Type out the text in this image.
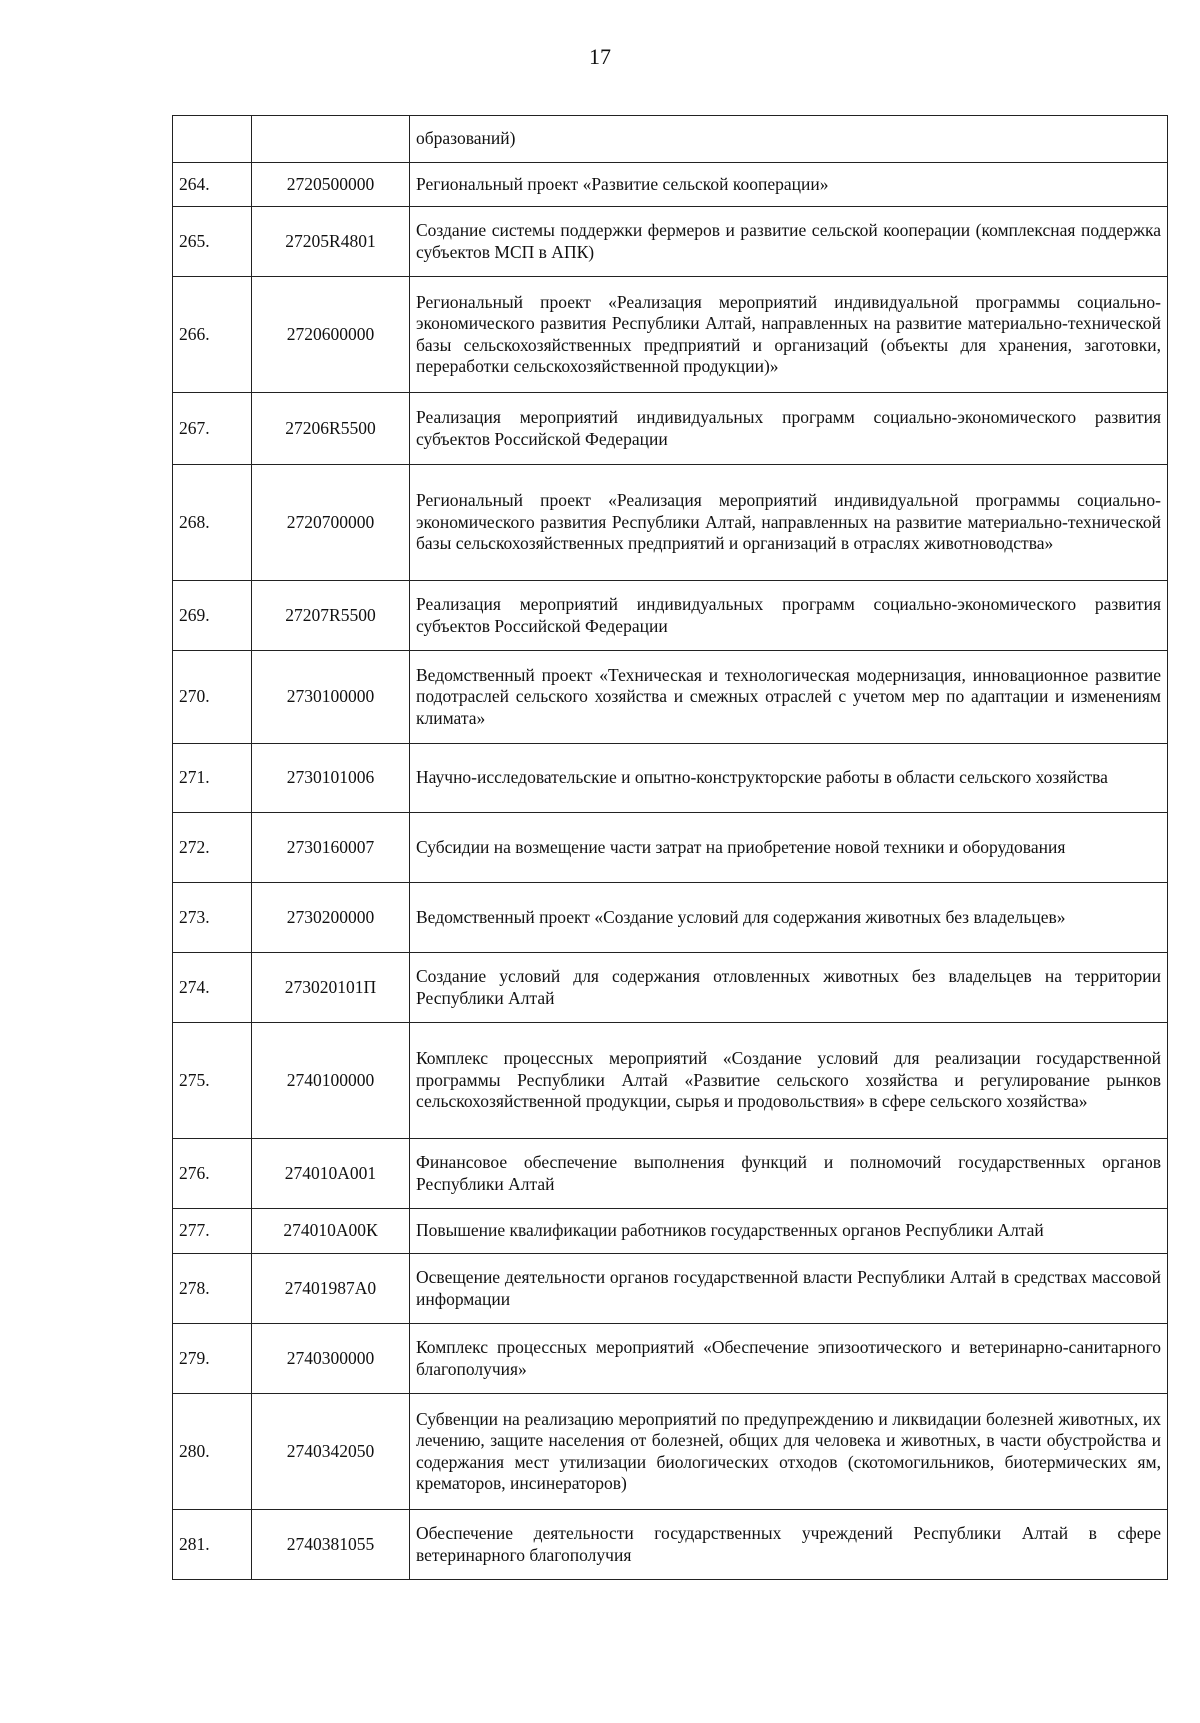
17
		образований)
264.	2720500000	Региональный проект «Развитие сельской кооперации»
265.	27205R4801	Создание системы поддержки фермеров и развитие сельской кооперации (комплексная поддержка субъектов МСП в АПК)
266.	2720600000	Региональный проект «Реализация мероприятий индивидуальной программы социально-экономического развития Республики Алтай, направленных на развитие материально-технической базы сельскохозяйственных предприятий и организаций (объекты для хранения, заготовки, переработки сельскохозяйственной продукции)»
267.	27206R5500	Реализация мероприятий индивидуальных программ социально-экономического развития субъектов Российской Федерации
268.	2720700000	Региональный проект «Реализация мероприятий индивидуальной программы социально-экономического развития Республики Алтай, направленных на развитие материально-технической базы сельскохозяйственных предприятий и организаций в отраслях животноводства»
269.	27207R5500	Реализация мероприятий индивидуальных программ социально-экономического развития субъектов Российской Федерации
270.	2730100000	Ведомственный проект «Техническая и технологическая модернизация, инновационное развитие подотраслей сельского хозяйства и смежных отраслей с учетом мер по адаптации и изменениям климата»
271.	2730101006	Научно-исследовательские и опытно-конструкторские работы в области сельского хозяйства
272.	2730160007	Субсидии на возмещение части затрат на приобретение новой техники и оборудования
273.	2730200000	Ведомственный проект «Создание условий для содержания животных без владельцев»
274.	273020101П	Создание условий для содержания отловленных животных без владельцев на территории Республики Алтай
275.	2740100000	Комплекс процессных мероприятий «Создание условий для реализации государственной программы Республики Алтай «Развитие сельского хозяйства и регулирование рынков сельскохозяйственной продукции, сырья и продовольствия» в сфере сельского хозяйства»
276.	274010А001	Финансовое обеспечение выполнения функций и полномочий государственных органов Республики Алтай
277.	274010А00К	Повышение квалификации работников государственных органов Республики Алтай
278.	27401987А0	Освещение деятельности органов государственной власти Республики Алтай в средствах массовой информации
279.	2740300000	Комплекс процессных мероприятий «Обеспечение эпизоотического и ветеринарно-санитарного благополучия»
280.	2740342050	Субвенции на реализацию мероприятий по предупреждению и ликвидации болезней животных, их лечению, защите населения от болезней, общих для человека и животных, в части обустройства и содержания мест утилизации биологических отходов (скотомогильников, биотермических ям, крематоров, инсинераторов)
281.	2740381055	Обеспечение деятельности государственных учреждений Республики Алтай в сфере ветеринарного благополучия
